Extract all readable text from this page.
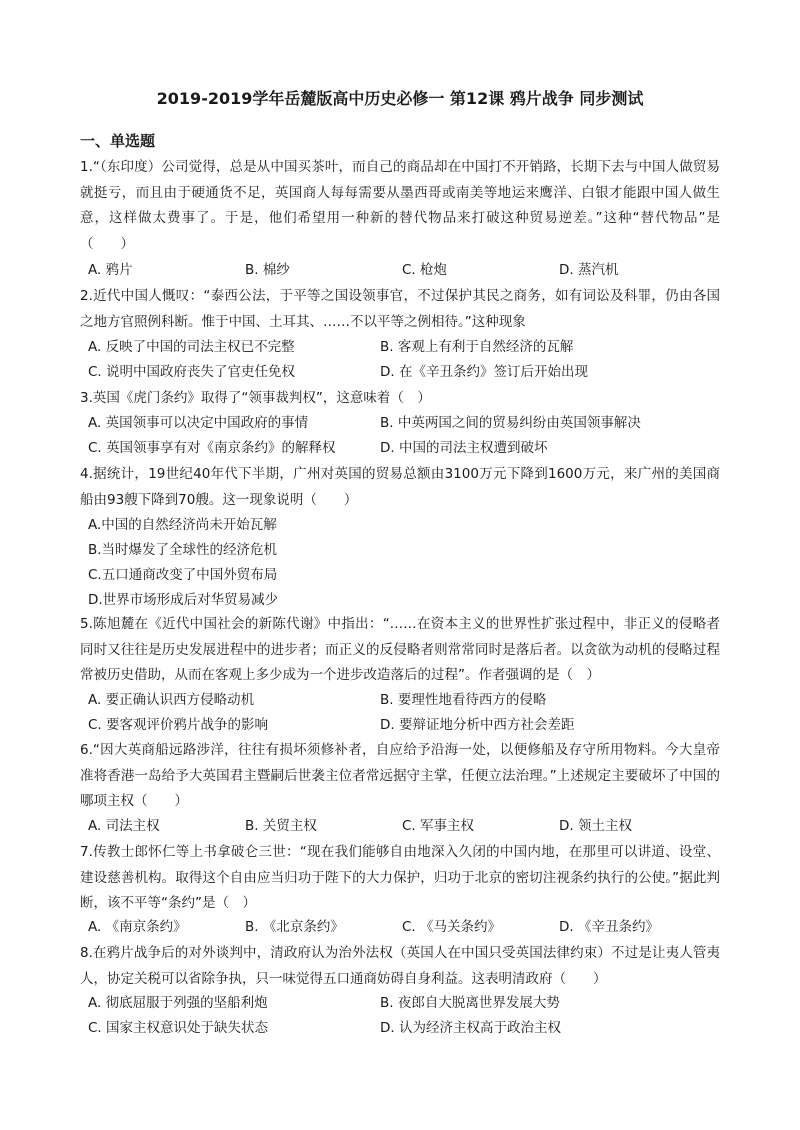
2019-2019学年岳麓版高中历史必修一 第12课 鸦片战争 同步测试
一、单选题
1.“（东印度）公司觉得，总是从中国买茶叶，而自己的商品却在中国打不开销路，长期下去与中国人做贸易就挺亏，而且由于硬通货不足，英国商人每每需要从墨西哥或南美等地运来鹰洋、白银才能跟中国人做生意，这样做太费事了。于是，他们希望用一种新的替代物品来打破这种贸易逆差。”这种“替代物品”是（　　）
A. 鸦片	B. 棉纱	C. 枪炮	D. 蒸汽机
2.近代中国人慨叹：“泰西公法，于平等之国设领事官，不过保护其民之商务，如有词讼及科罪，仍由各国之地方官照例科断。惟于中国、土耳其、……不以平等之例相待。”这种现象
A. 反映了中国的司法主权已不完整	B. 客观上有利于自然经济的瓦解
C. 说明中国政府丧失了官吏任免权	D. 在《辛丑条约》签订后开始出现
3.英国《虎门条约》取得了“领事裁判权”，这意味着（　）
A. 英国领事可以决定中国政府的事情	B. 中英两国之间的贸易纠纷由英国领事解决
C. 英国领事享有对《南京条约》的解释权	D. 中国的司法主权遭到破坏
4.据统计，19世纪40年代下半期，广州对英国的贸易总额由3100万元下降到1600万元，来广州的美国商船由93艘下降到70艘。这一现象说明（　　）
A.中国的自然经济尚未开始瓦解
B.当时爆发了全球性的经济危机
C.五口通商改变了中国外贸布局
D.世界市场形成后对华贸易减少
5.陈旭麓在《近代中国社会的新陈代谢》中指出：“……在资本主义的世界性扩张过程中，非正义的侵略者同时又往往是历史发展进程中的进步者；而正义的反侵略者则常常同时是落后者。以贪欲为动机的侵略过程常被历史借助，从而在客观上多少成为一个进步改造落后的过程”。作者强调的是（　）
A. 要正确认识西方侵略动机	B. 要理性地看待西方的侵略
C. 要客观评价鸦片战争的影响	D. 要辩证地分析中西方社会差距
6.“因大英商船远路涉洋，往往有损坏须修补者，自应给予沿海一处，以便修船及存守所用物料。今大皇帝准将香港一岛给予大英国君主暨嗣后世袭主位者常远据守主掌，任便立法治理。”上述规定主要破坏了中国的哪项主权（　　）
A. 司法主权	B. 关贸主权	C. 军事主权	D. 领土主权
7.传教士郎怀仁等上书拿破仑三世：“现在我们能够自由地深入久闭的中国内地，在那里可以讲道、设堂、建设慈善机构。取得这个自由应当归功于陛下的大力保护，归功于北京的密切注视条约执行的公使。”据此判断，该不平等“条约”是（　）
A. 《南京条约》	B. 《北京条约》	C. 《马关条约》	D. 《辛丑条约》
8.在鸦片战争后的对外谈判中，清政府认为治外法权（英国人在中国只受英国法律约束）不过是让夷人管夷人，协定关税可以省除争执，只一味觉得五口通商妨碍自身利益。这表明清政府（　　）
A. 彻底屈服于列强的坚船利炮	B. 夜郎自大脱离世界发展大势
C. 国家主权意识处于缺失状态	D. 认为经济主权高于政治主权
